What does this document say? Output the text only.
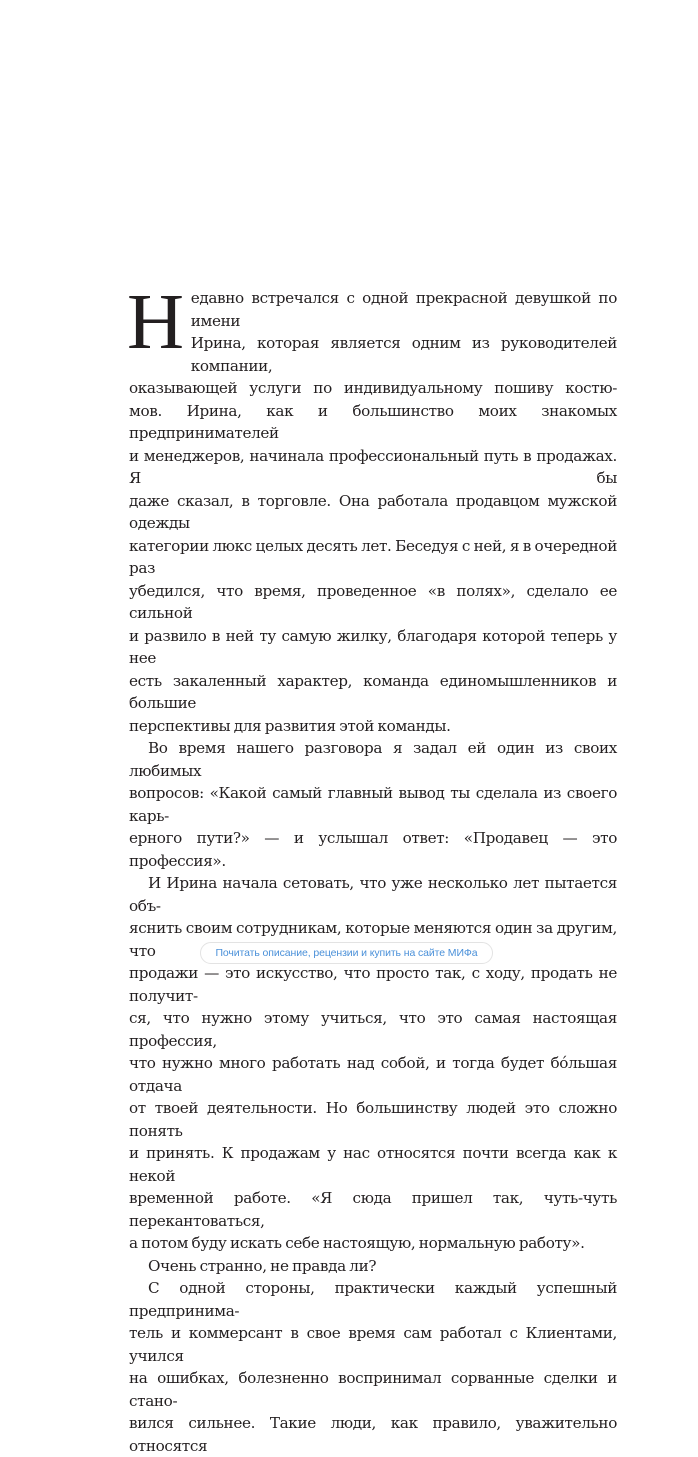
Н едавно встречался с одной прекрасной девушкой по имени
Ирина, которая является одним из руководителей компании,
оказывающей услуги по индивидуальному пошиву костю-
мов. Ирина, как и большинство моих знакомых предпринимателей
и менеджеров, начинала профессиональный путь в продажах. Я бы
даже сказал, в торговле. Она работала продавцом мужской одежды
категории люкс целых десять лет. Беседуя с ней, я в очередной раз
убедился, что время, проведенное «в полях», сделало ее сильной
и развило в ней ту самую жилку, благодаря которой теперь у нее
есть закаленный характер, команда единомышленников и большие
перспективы для развития этой команды.
Во время нашего разговора я задал ей один из своих любимых
вопросов: «Какой самый главный вывод ты сделала из своего карь-
ерного пути?» — и услышал ответ: «Продавец — это профессия».
И Ирина начала сетовать, что уже несколько лет пытается объ-
яснить своим сотрудникам, которые меняются один за другим, что
продажи — это искусство, что просто так, с ходу, продать не получит-
ся, что нужно этому учиться, что это самая настоящая профессия,
что нужно много работать над собой, и тогда будет бо́льшая отдача
от твоей деятельности. Но большинству людей это сложно понять
и принять. К продажам у нас относятся почти всегда как к некой
временной работе. «Я сюда пришел так, чуть-чуть перекантоваться,
а потом буду искать себе настоящую, нормальную работу».
Очень странно, не правда ли?
С одной стороны, практически каждый успешный предпринима-
тель и коммерсант в свое время сам работал с Клиентами, учился
на ошибках, болезненно воспринимал сорванные сделки и стано-
вился сильнее. Такие люди, как правило, уважительно относятся
Почитать описание, рецензии и купить на сайте МИФа
